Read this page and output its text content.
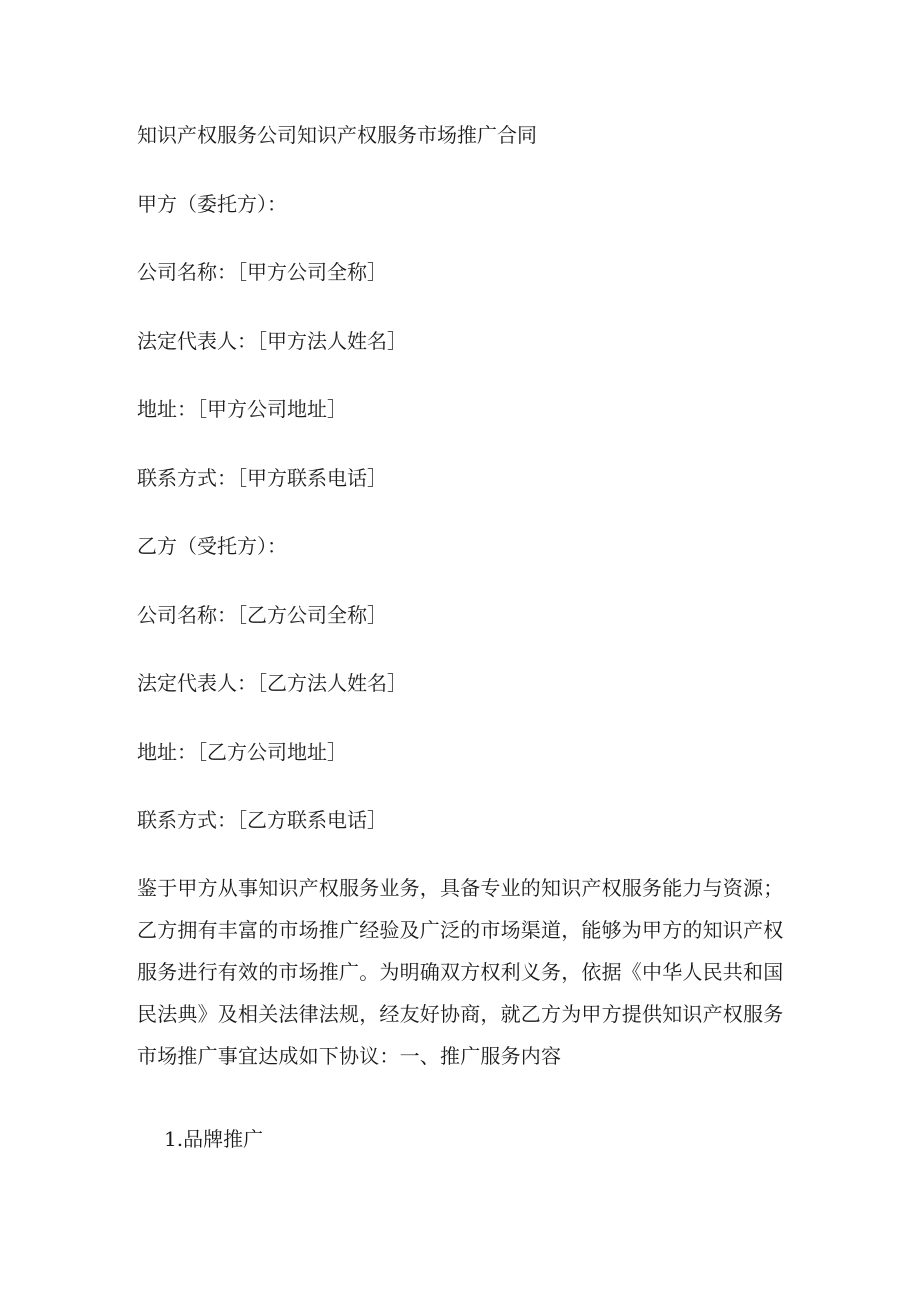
知识产权服务公司知识产权服务市场推广合同
甲方（委托方）：
公司名称：［甲方公司全称］
法定代表人：［甲方法人姓名］
地址：［甲方公司地址］
联系方式：［甲方联系电话］
乙方（受托方）：
公司名称：［乙方公司全称］
法定代表人：［乙方法人姓名］
地址：［乙方公司地址］
联系方式：［乙方联系电话］
鉴于甲方从事知识产权服务业务，具备专业的知识产权服务能力与资源；
乙方拥有丰富的市场推广经验及广泛的市场渠道，能够为甲方的知识产权
服务进行有效的市场推广。为明确双方权利义务，依据《中华人民共和国
民法典》及相关法律法规，经友好协商，就乙方为甲方提供知识产权服务
市场推广事宜达成如下协议：一、推广服务内容
1.品牌推广
